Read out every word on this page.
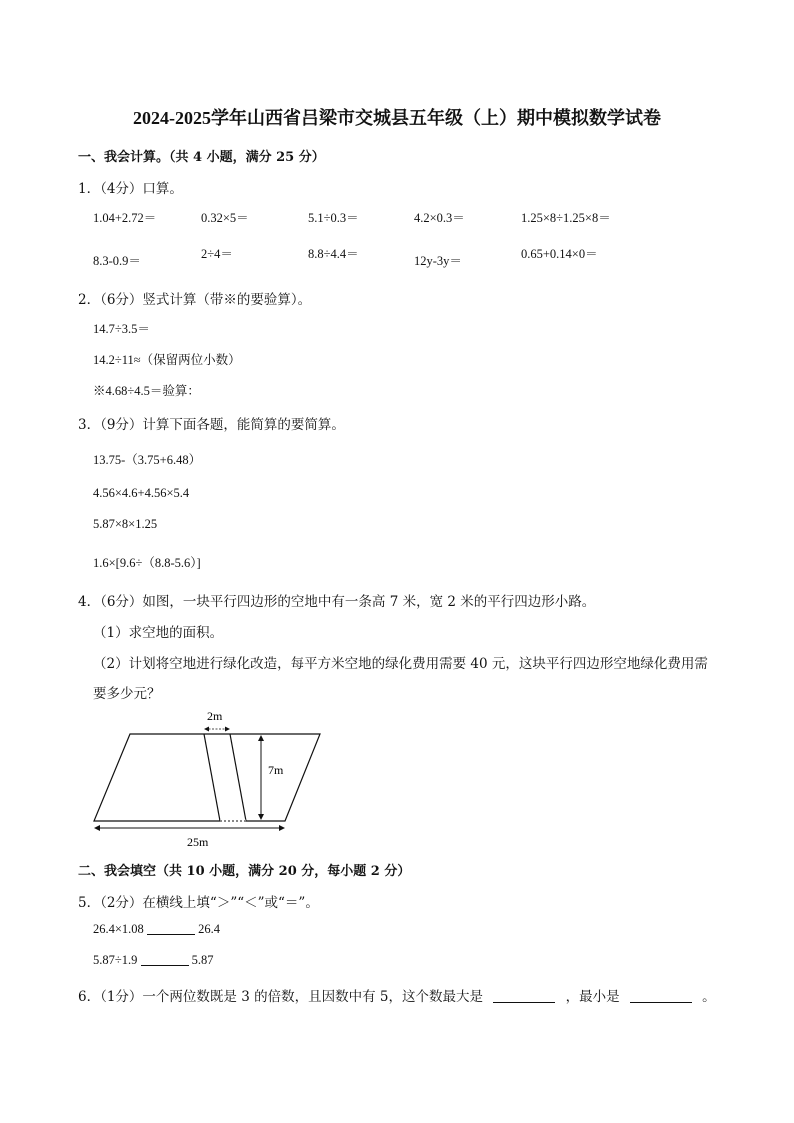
2024-2025学年山西省吕梁市交城县五年级（上）期中模拟数学试卷
一、我会计算。（共 4 小题，满分 25 分）
1．（4分）口算。
1.04+2.72＝	0.32×5＝	5.1÷0.3＝	4.2×0.3＝	1.25×8÷1.25×8＝
8.3-0.9＝	2÷4＝	8.8÷4.4＝	12y-3y＝	0.65+0.14×0＝
2．（6分）竖式计算（带※的要验算）。
14.7÷3.5＝
14.2÷11≈（保留两位小数）
※4.68÷4.5＝验算：
3．（9分）计算下面各题，能简算的要简算。
13.75-（3.75+6.48）
4.56×4.6+4.56×5.4
5.87×8×1.25
1.6×[9.6÷（8.8-5.6）]
4．（6分）如图，一块平行四边形的空地中有一条高 7 米，宽 2 米的平行四边形小路。
（1）求空地的面积。
（2）计划将空地进行绿化改造，每平方米空地的绿化费用需要 40 元，这块平行四边形空地绿化费用需
要多少元？
2m
7m
25m
二、我会填空（共 10 小题，满分 20 分，每小题 2 分）
5．（2分）在横线上填“＞”“＜”或“＝”。
26.4×1.08	26.4
5.87÷1.9	5.87
6．（1分）一个两位数既是 3 的倍数，且因数中有 5，这个数最大是	，最小是	。
